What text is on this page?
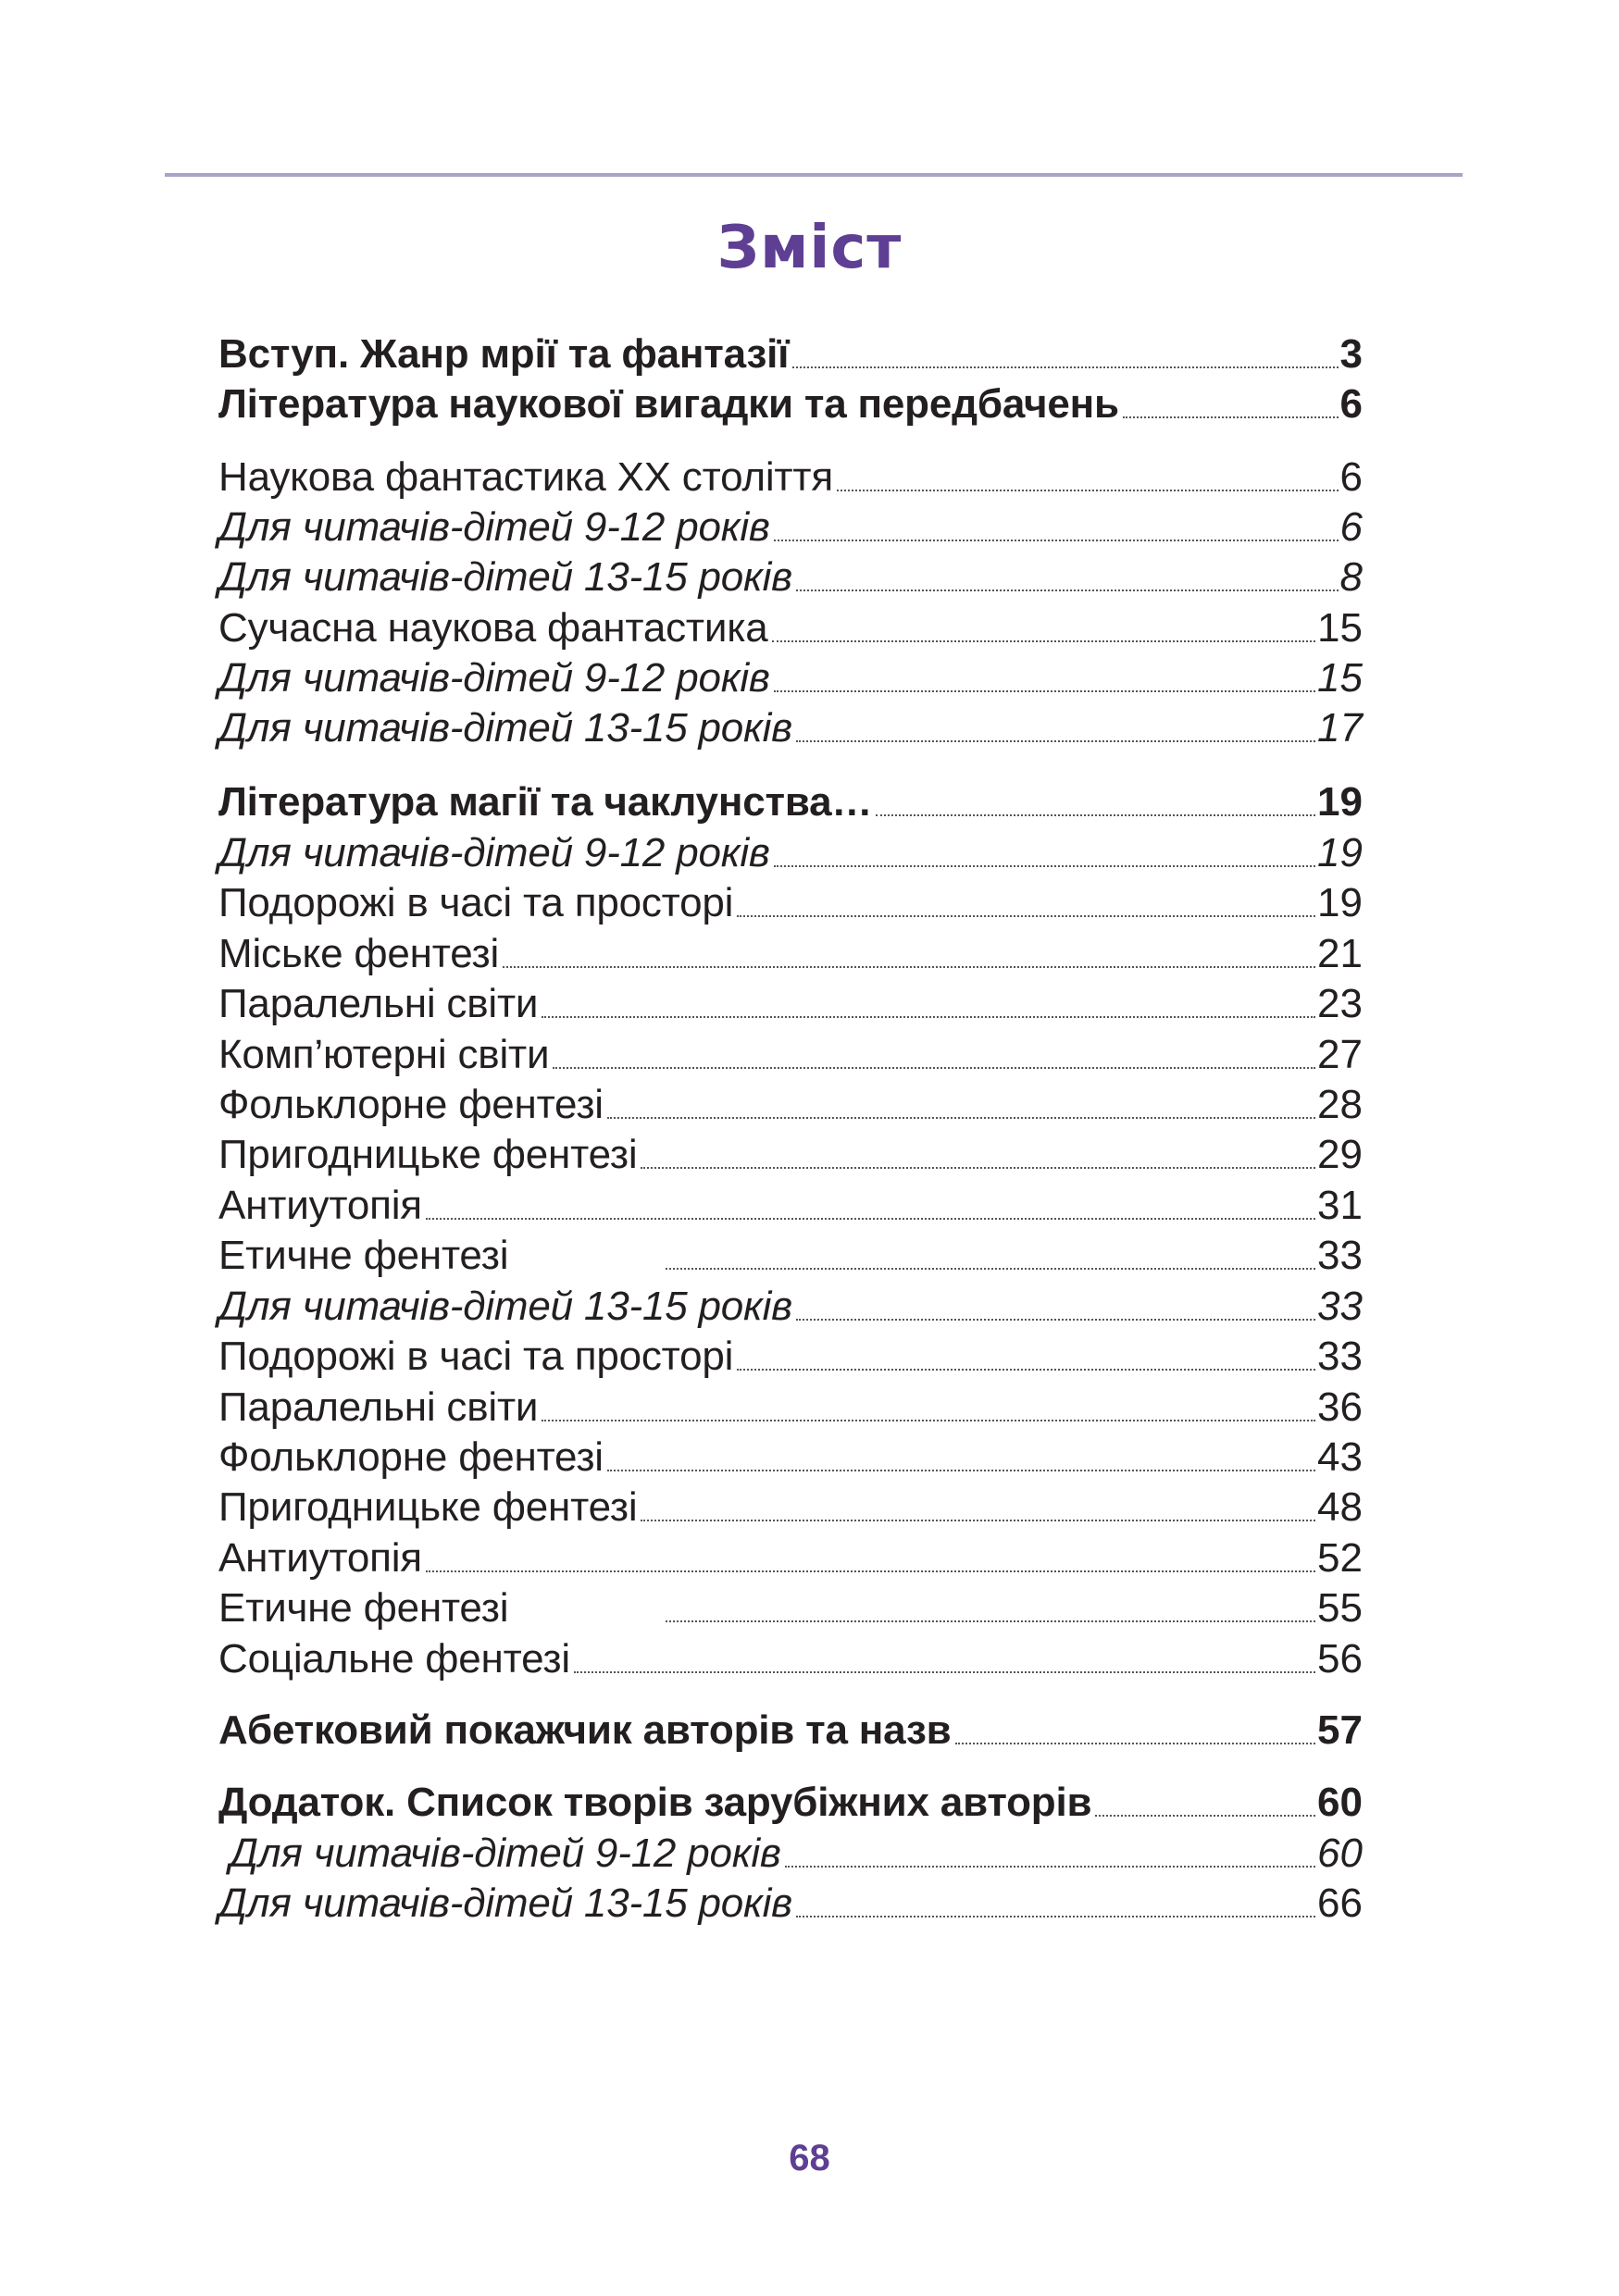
Зміст
Вступ. Жанр мрії та фантазії	3
Література наукової вигадки та передбачень	6
Наукова фантастика ХХ століття	6
Для читачів-дітей 9-12 років	6
Для читачів-дітей 13-15 років	8
Сучасна наукова фантастика	15
Для читачів-дітей 9-12 років	15
Для читачів-дітей 13-15 років	17
Література магії та чаклунства…	19
Для читачів-дітей 9-12 років	19
Подорожі в часі та просторі	19
Міське фентезі	21
Паралельні світи	23
Комп’ютерні світи	27
Фольклорне фентезі	28
Пригодницьке фентезі	29
Антиутопія	31
Етичне фентезі	33
Для читачів-дітей 13-15 років	33
Подорожі в часі та просторі	33
Паралельні світи	36
Фольклорне фентезі	43
Пригодницьке фентезі	48
Антиутопія	52
Етичне фентезі	55
Соціальне фентезі	56
Абетковий покажчик авторів та назв	57
Додаток. Список творів зарубіжних авторів	60
Для читачів-дітей 9-12 років	60
Для читачів-дітей 13-15 років	66
68
